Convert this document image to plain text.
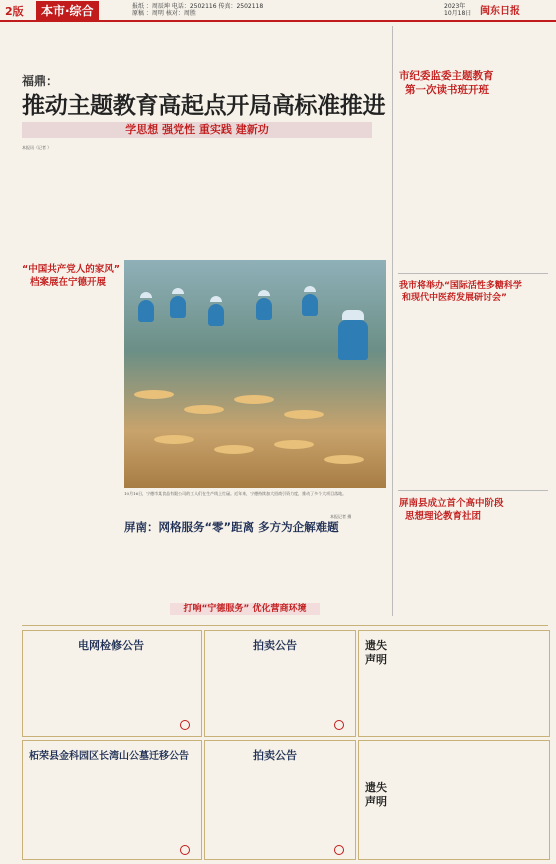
2版	本市·综合	报纸 ：周辰坤 电话：2502116 传真：2502118
原稿 ：周明 核对：周胜
2023年
10月18日 闽东日报
福鼎：
推动主题教育高起点开局高标准推进
学思想 强党性 重实践 建新功

本报讯（记者 ）

“中国共产党人的家风”
档案展在宁德开展

10月16日，宁德市某食品有限公司的工人们在生产线上忙碌。近年来，宁德持续加大招商引资力度，推动了多个大项目落地。

本报记者 摄
屏南：网格服务“零”距离 多方为企解难题
打响“宁德服务” 优化营商环境
市纪委监委主题教育
第一次读书班开班
我市将举办“国际活性多糖科学
和现代中医药发展研讨会”
屏南县成立首个高中阶段
思想理论教育社团
电网检修公告	拍卖公告	遗失声明
柘荣县金科园区长湾山公墓迁移公告	拍卖公告
遗失声明
